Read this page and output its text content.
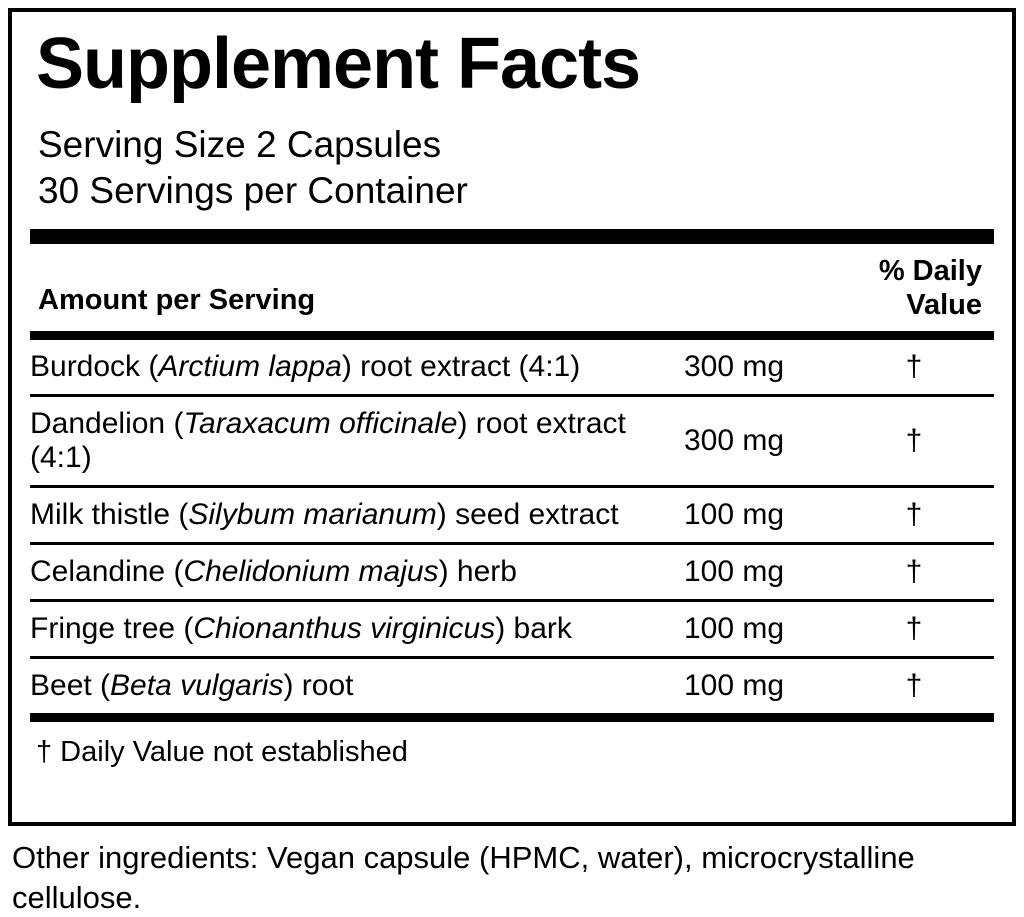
Supplement Facts
Serving Size 2 Capsules
30 Servings per Container
Amount per Serving
% Daily
Value
Burdock (Arctium lappa) root extract (4:1)	300 mg	†
Dandelion (Taraxacum officinale) root extract (4:1)	300 mg	†
Milk thistle (Silybum marianum) seed extract	100 mg	†
Celandine (Chelidonium majus) herb	100 mg	†
Fringe tree (Chionanthus virginicus) bark	100 mg	†
Beet (Beta vulgaris) root	100 mg	†
† Daily Value not established
Other ingredients: Vegan capsule (HPMC, water), microcrystalline cellulose.
